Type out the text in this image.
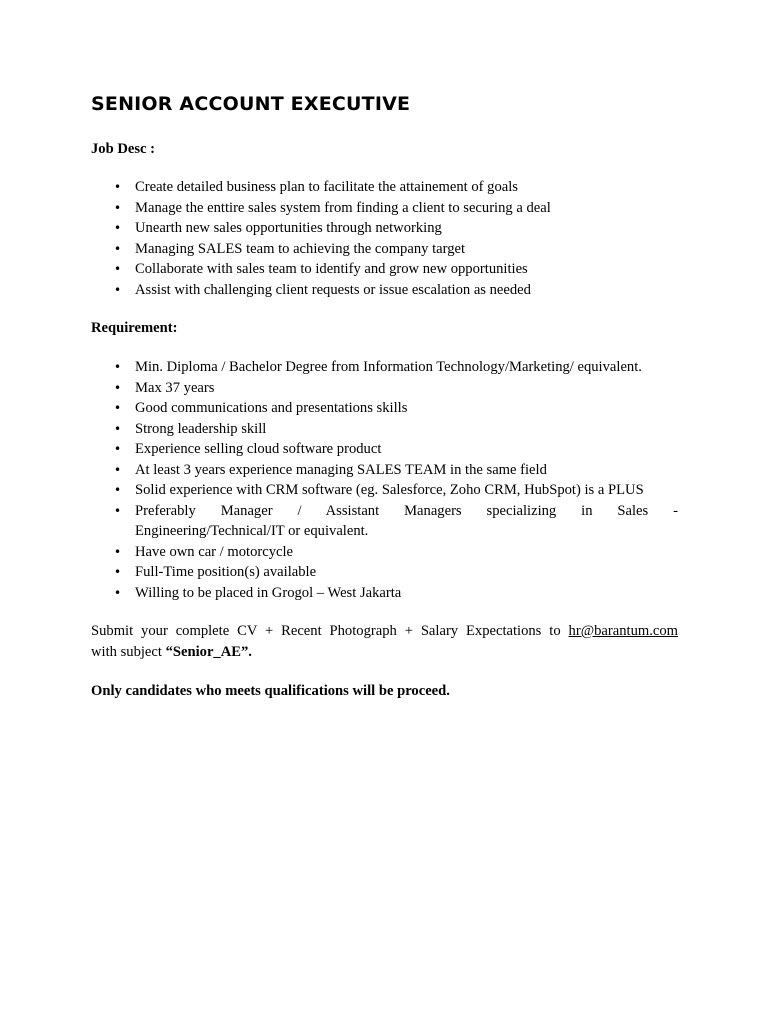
SENIOR ACCOUNT EXECUTIVE
Job Desc :
• Create detailed business plan to facilitate the attainement of goals
• Manage the enttire sales system from finding a client to securing a deal
• Unearth new sales opportunities through networking
• Managing SALES team to achieving the company target
• Collaborate with sales team to identify and grow new opportunities
• Assist with challenging client requests or issue escalation as needed
Requirement:
• Min. Diploma / Bachelor Degree from Information Technology/Marketing/ equivalent.
• Max 37 years
• Good communications and presentations skills
• Strong leadership skill
• Experience selling cloud software product
• At least 3 years experience managing SALES TEAM in the same field
• Solid experience with CRM software (eg. Salesforce, Zoho CRM, HubSpot) is a PLUS
• Preferably Manager / Assistant Managers specializing in Sales -
Engineering/Technical/IT or equivalent.
• Have own car / motorcycle
• Full-Time position(s) available
• Willing to be placed in Grogol – West Jakarta
Submit your complete CV + Recent Photograph + Salary Expectations to hr@barantum.com
with subject “Senior_AE”.
Only candidates who meets qualifications will be proceed.
